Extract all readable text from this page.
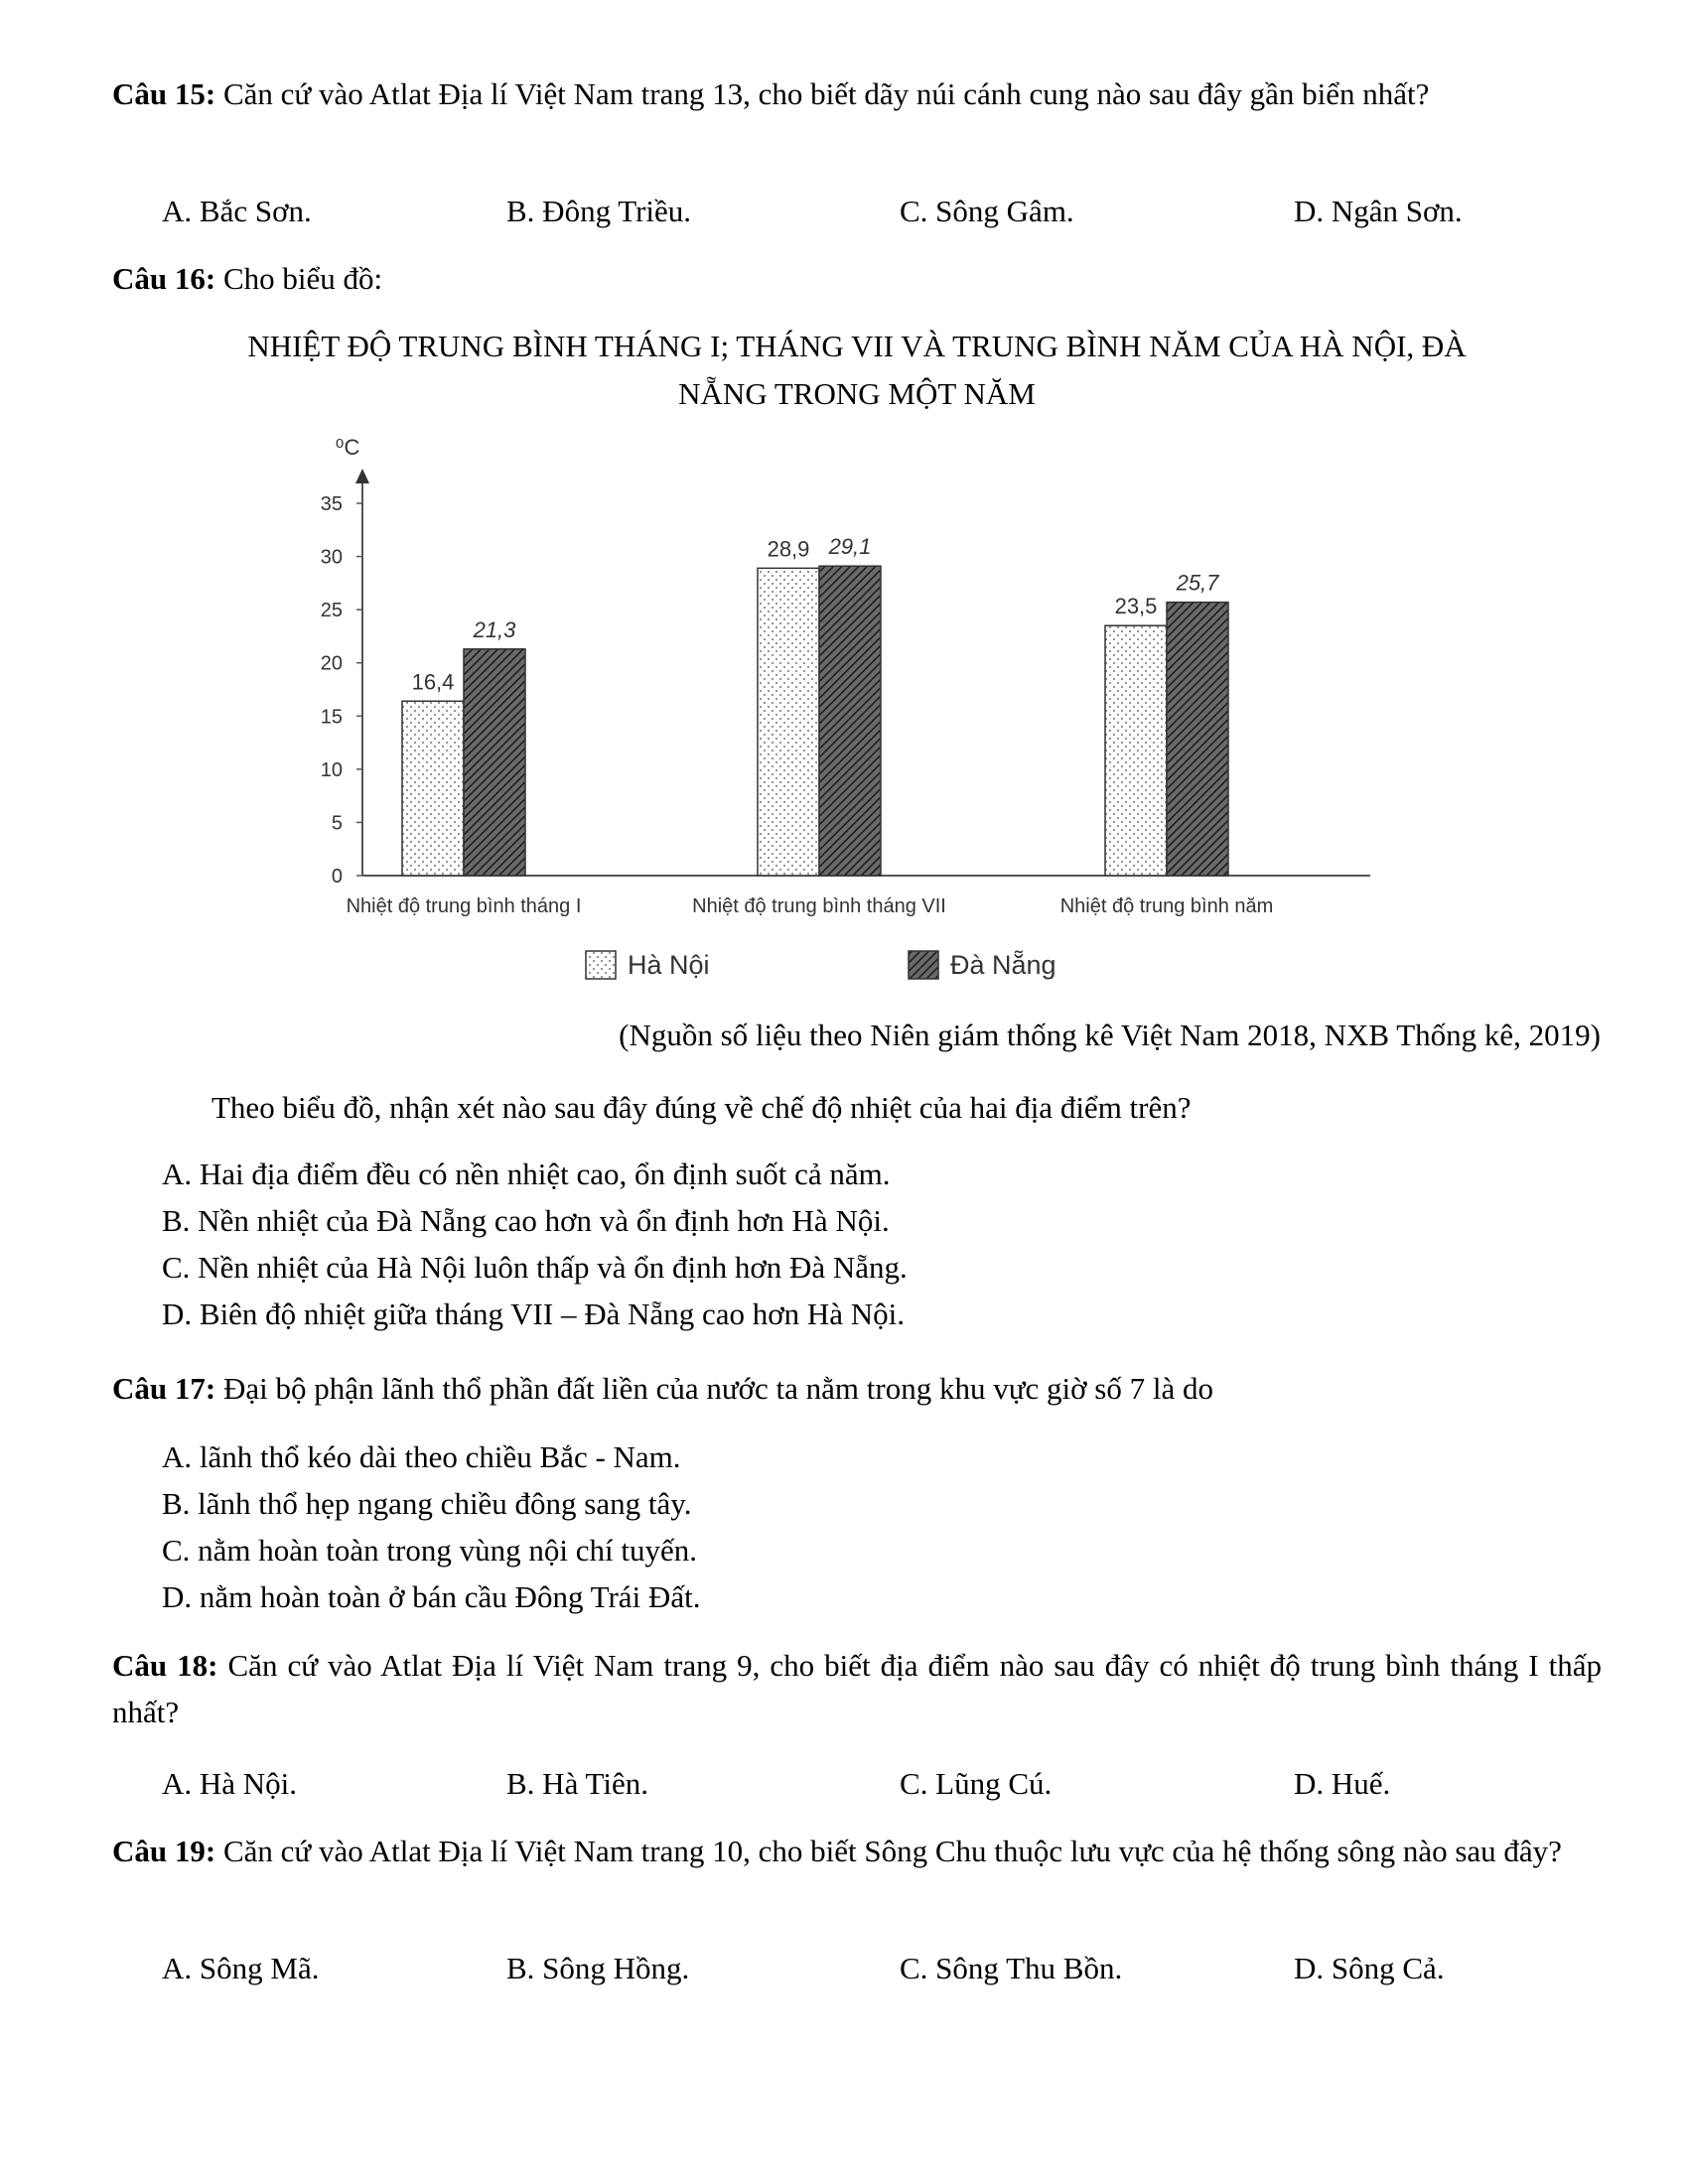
Câu 15: Căn cứ vào Atlat Địa lí Việt Nam trang 13, cho biết dãy núi cánh cung nào sau đây gần biển nhất?
A. Bắc Sơn.	B. Đông Triều.	C. Sông Gâm.	D. Ngân Sơn.
Câu 16: Cho biểu đồ:
NHIỆT ĐỘ TRUNG BÌNH THÁNG I; THÁNG VII VÀ TRUNG BÌNH NĂM CỦA HÀ NỘI, ĐÀ
NẴNG TRONG MỘT NĂM
⁰C
0
5
10
15
20
25
30
35
Nhiệt độ trung bình tháng I	Nhiệt độ trung bình tháng VII	Nhiệt độ trung bình năm
16,4
21,3
28,9 29,1
23,5
25,7
Hà Nội	Đà Nẵng
(Nguồn số liệu theo Niên giám thống kê Việt Nam 2018, NXB Thống kê, 2019)
Theo biểu đồ, nhận xét nào sau đây đúng về chế độ nhiệt của hai địa điểm trên?
A. Hai địa điểm đều có nền nhiệt cao, ổn định suốt cả năm.
B. Nền nhiệt của Đà Nẵng cao hơn và ổn định hơn Hà Nội.
C. Nền nhiệt của Hà Nội luôn thấp và ổn định hơn Đà Nẵng.
D. Biên độ nhiệt giữa tháng VII – Đà Nẵng cao hơn Hà Nội.
Câu 17: Đại bộ phận lãnh thổ phần đất liền của nước ta nằm trong khu vực giờ số 7 là do
A. lãnh thổ kéo dài theo chiều Bắc - Nam.
B. lãnh thổ hẹp ngang chiều đông sang tây.
C. nằm hoàn toàn trong vùng nội chí tuyến.
D. nằm hoàn toàn ở bán cầu Đông Trái Đất.
Câu 18: Căn cứ vào Atlat Địa lí Việt Nam trang 9, cho biết địa điểm nào sau đây có nhiệt độ trung bình tháng I thấp nhất?
A. Hà Nội.	B. Hà Tiên.	C. Lũng Cú.	D. Huế.
Câu 19: Căn cứ vào Atlat Địa lí Việt Nam trang 10, cho biết Sông Chu thuộc lưu vực của hệ thống sông nào sau đây?
A. Sông Mã.	B. Sông Hồng.	C. Sông Thu Bồn.	D. Sông Cả.
